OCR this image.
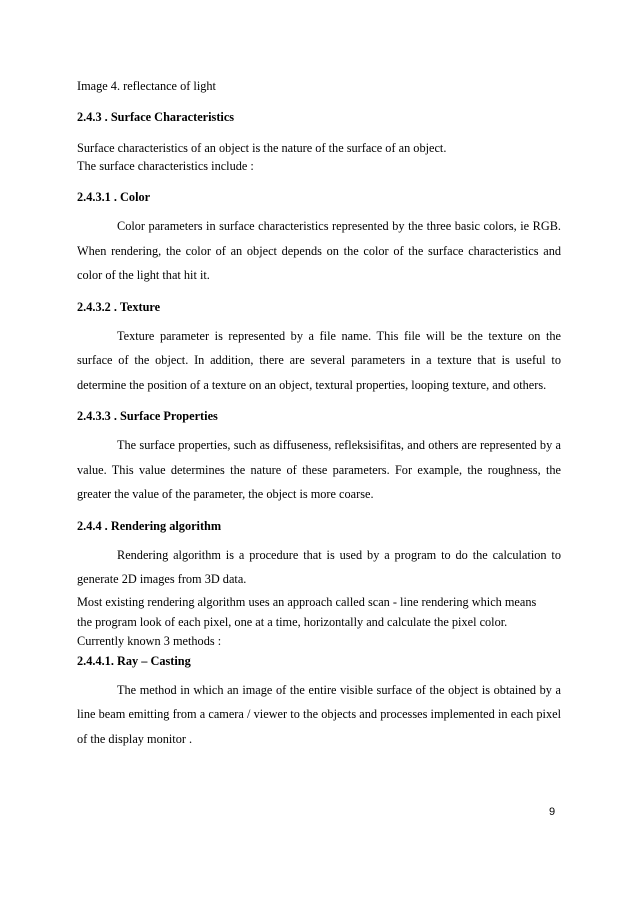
Image 4. reflectance of light

2.4.3 . Surface Characteristics

Surface characteristics of an object is the nature of the surface of an object.

The surface characteristics include :

2.4.3.1 . Color

Color parameters in surface characteristics represented by the three basic colors, ie RGB. When rendering, the color of an object depends on the color of the surface characteristics and color of the light that hit it.

2.4.3.2 . Texture

Texture parameter is represented by a file name. This file will be the texture on the surface of the object. In addition, there are several parameters in a texture that is useful to determine the position of a texture on an object, textural properties, looping texture, and others.

2.4.3.3 . Surface Properties

The surface properties, such as diffuseness, refleksisifitas, and others are represented by a value. This value determines the nature of these parameters. For example, the roughness, the greater the value of the parameter, the object is more coarse.

2.4.4 . Rendering algorithm

Rendering algorithm is a procedure that is used by a program to do the calculation to generate 2D images from 3D data.

Most existing rendering algorithm uses an approach called scan - line rendering which means

the program look of each pixel, one at a time, horizontally and calculate the pixel color.

Currently known 3 methods :

2.4.4.1. Ray – Casting

The method in which an image of the entire visible surface of the object is obtained by a line beam emitting from a camera / viewer to the objects and processes implemented in each pixel of the display monitor .

9
